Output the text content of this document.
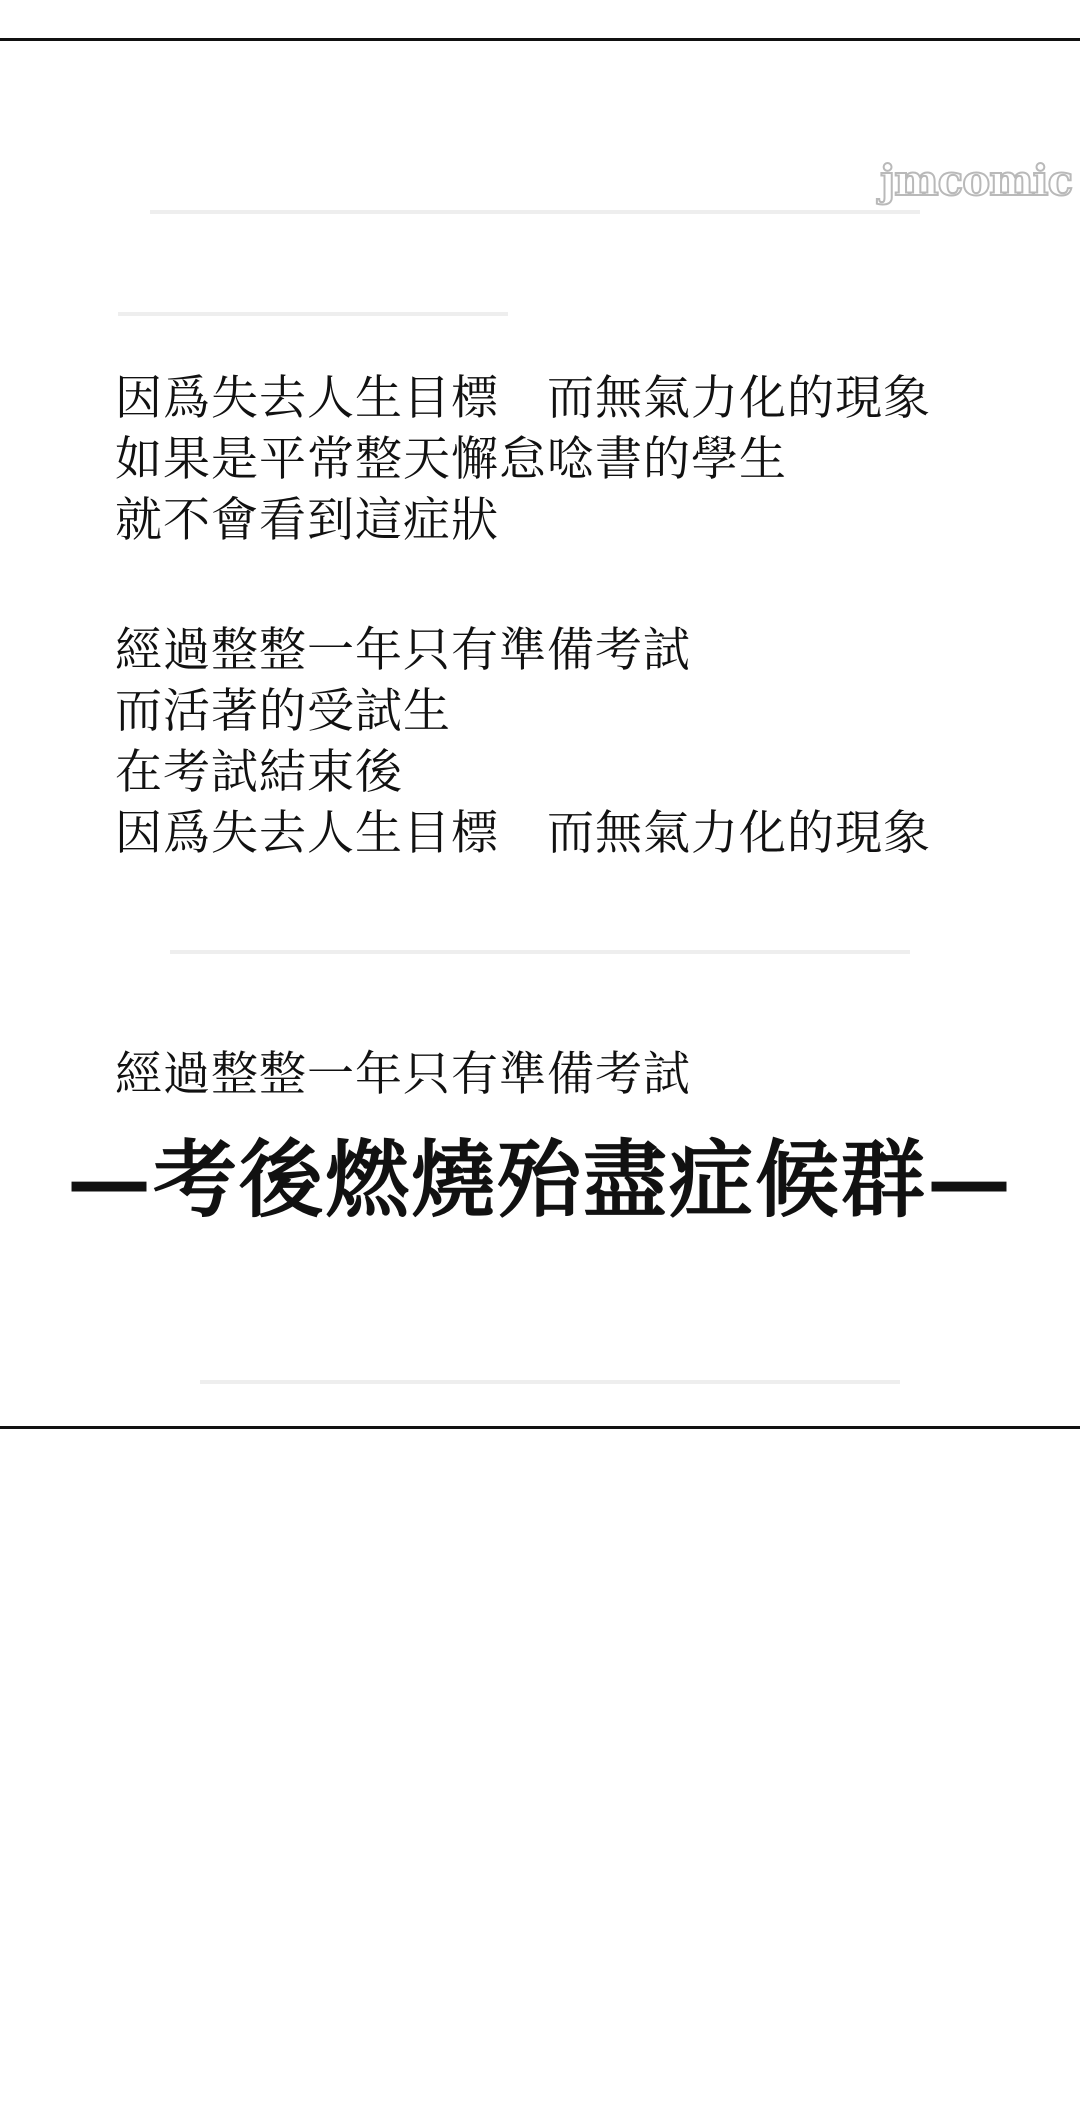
jmcomic

因爲失去人生目標　而無氣力化的現象

如果是平常整天懈怠唸書的學生

就不會看到這症狀

經過整整一年只有準備考試

而活著的受試生

在考試結束後

因爲失去人生目標　而無氣力化的現象

經過整整一年只有準備考試

—考後燃燒殆盡症候群—
